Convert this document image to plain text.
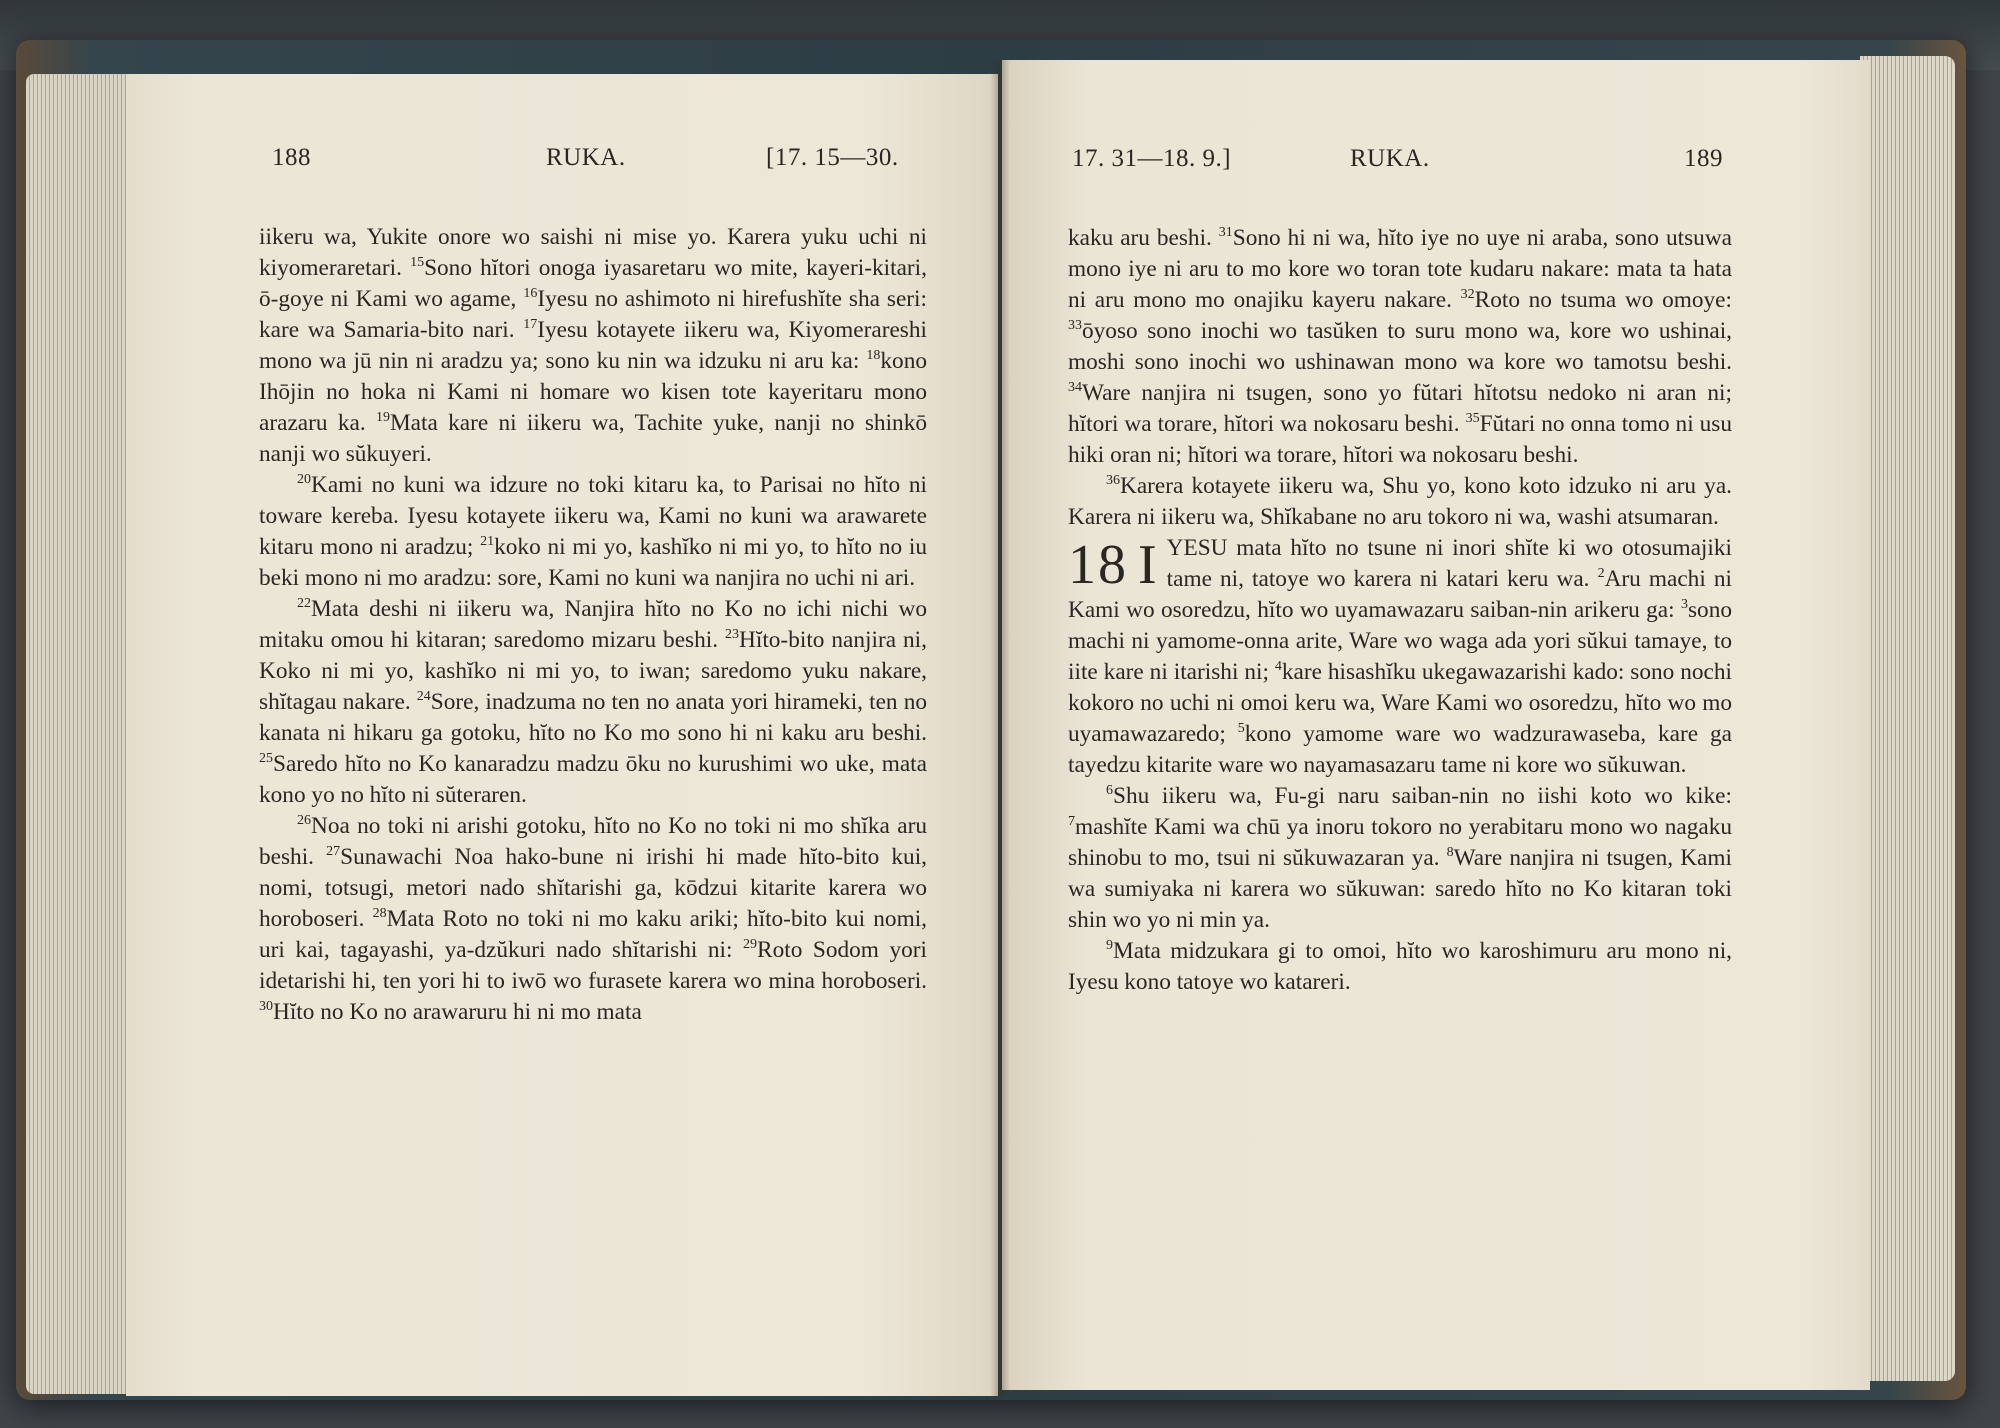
188	RUKA.	[17. 15—30.

iikeru wa, Yukite onore wo saishi ni mise yo. Karera yuku uchi ni kiyomeraretari. $^{15}$Sono hĭtori onoga iyasaretaru wo mite, kayeri-kitari, ō-goye ni Kami wo agame, $^{16}$Iyesu no ashimoto ni hirefushĭte sha seri: kare wa Samaria-bito nari. $^{17}$Iyesu kotayete iikeru wa, Kiyomerareshi mono wa jū nin ni aradzu ya; sono ku nin wa idzuku ni aru ka: $^{18}$kono Ihōjin no hoka ni Kami ni homare wo kisen tote kayeritaru mono arazaru ka. $^{19}$Mata kare ni iikeru wa, Tachite yuke, nanji no shinkō nanji wo sŭkuyeri.

$^{20}$Kami no kuni wa idzure no toki kitaru ka, to Parisai no hĭto ni toware kereba. Iyesu kotayete iikeru wa, Kami no kuni wa arawarete kitaru mono ni aradzu; $^{21}$koko ni mi yo, kashĭko ni mi yo, to hĭto no iu beki mono ni mo aradzu: sore, Kami no kuni wa nanjira no uchi ni ari.

$^{22}$Mata deshi ni iikeru wa, Nanjira hĭto no Ko no ichi nichi wo mitaku omou hi kitaran; saredomo mizaru beshi. $^{23}$Hĭto-bito nanjira ni, Koko ni mi yo, kashĭko ni mi yo, to iwan; saredomo yuku nakare, shĭtagau nakare. $^{24}$Sore, inadzuma no ten no anata yori hirameki, ten no kanata ni hikaru ga gotoku, hĭto no Ko mo sono hi ni kaku aru beshi. $^{25}$Saredo hĭto no Ko kanaradzu madzu ōku no kurushimi wo uke, mata kono yo no hĭto ni sŭteraren.

$^{26}$Noa no toki ni arishi gotoku, hĭto no Ko no toki ni mo shĭka aru beshi. $^{27}$Sunawachi Noa hako-bune ni irishi hi made hĭto-bito kui, nomi, totsugi, metori nado shĭtarishi ga, kōdzui kitarite karera wo horoboseri. $^{28}$Mata Roto no toki ni mo kaku ariki; hĭto-bito kui nomi, uri kai, tagayashi, ya-dzŭkuri nado shĭtarishi ni: $^{29}$Roto Sodom yori idetarishi hi, ten yori hi to iwō wo furasete karera wo mina horoboseri. $^{30}$Hĭto no Ko no arawaruru hi ni mo mata

17. 31—18. 9.]	RUKA.	189

kaku aru beshi. $^{31}$Sono hi ni wa, hĭto iye no uye ni araba, sono utsuwa mono iye ni aru to mo kore wo toran tote kudaru nakare: mata ta hata ni aru mono mo onajiku kayeru nakare. $^{32}$Roto no tsuma wo omoye: $^{33}$ōyoso sono inochi wo tasŭken to suru mono wa, kore wo ushinai, moshi sono inochi wo ushinawan mono wa kore wo tamotsu beshi. $^{34}$Ware nanjira ni tsugen, sono yo fŭtari hĭtotsu nedoko ni aran ni; hĭtori wa torare, hĭtori wa nokosaru beshi. $^{35}$Fŭtari no onna tomo ni usu hiki oran ni; hĭtori wa torare, hĭtori wa nokosaru beshi.

$^{36}$Karera kotayete iikeru wa, Shu yo, kono koto idzuko ni aru ya. Karera ni iikeru wa, Shĭkabane no aru tokoro ni wa, washi atsumaran.

18 I YESU mata hĭto no tsune ni inori shĭte ki wo otosumajiki tame ni, tatoye wo karera ni katari keru wa. $^2$Aru machi ni Kami wo osoredzu, hĭto wo uyamawazaru saiban-nin arikeru ga: $^3$sono machi ni yamome-onna arite, Ware wo waga ada yori sŭkui tamaye, to iite kare ni itarishi ni; $^4$kare hisashĭku ukegawazarishi kado: sono nochi kokoro no uchi ni omoi keru wa, Ware Kami wo osoredzu, hĭto wo mo uyamawazaredo; $^5$kono yamome ware wo wadzurawaseba, kare ga tayedzu kitarite ware wo nayamasazaru tame ni kore wo sŭkuwan.

$^6$Shu iikeru wa, Fu-gi naru saiban-nin no iishi koto wo kike: $^7$mashĭte Kami wa chū ya inoru tokoro no yerabitaru mono wo nagaku shinobu to mo, tsui ni sŭkuwazaran ya. $^8$Ware nanjira ni tsugen, Kami wa sumiyaka ni karera wo sŭkuwan: saredo hĭto no Ko kitaran toki shin wo yo ni min ya.

$^9$Mata midzukara gi to omoi, hĭto wo karoshimuru aru mono ni, Iyesu kono tatoye wo katareri.
